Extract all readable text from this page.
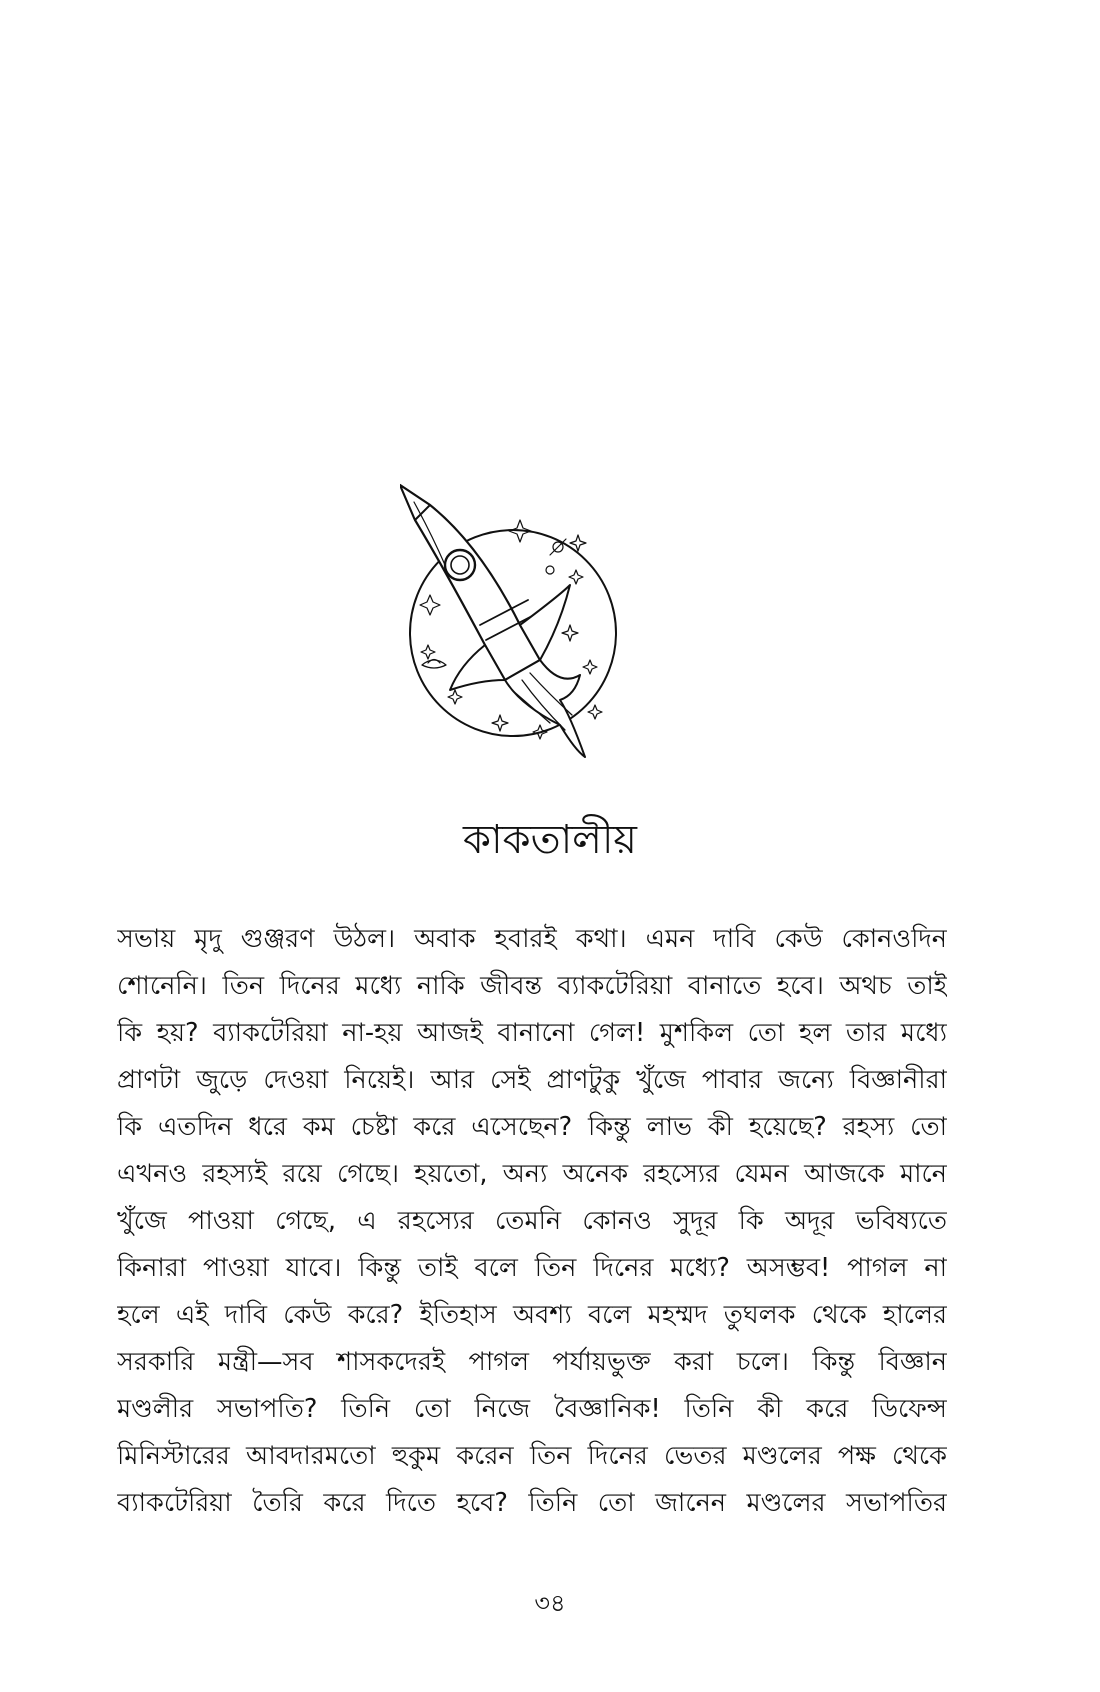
কাকতালীয়
সভায় মৃদু গুঞ্জরণ উঠল। অবাক হবারই কথা। এমন দাবি কেউ কোনওদিন
শোনেনি। তিন দিনের মধ্যে নাকি জীবন্ত ব্যাকটেরিয়া বানাতে হবে। অথচ তাই
কি হয়? ব্যাকটেরিয়া না-হয় আজই বানানো গেল! মুশকিল তো হল তার মধ্যে
প্রাণটা জুড়ে দেওয়া নিয়েই। আর সেই প্রাণটুকু খুঁজে পাবার জন্যে বিজ্ঞানীরা
কি এতদিন ধরে কম চেষ্টা করে এসেছেন? কিন্তু লাভ কী হয়েছে? রহস্য তো
এখনও রহস্যই রয়ে গেছে। হয়তো, অন্য অনেক রহস্যের যেমন আজকে মানে
খুঁজে পাওয়া গেছে, এ রহস্যের তেমনি কোনও সুদূর কি অদূর ভবিষ্যতে
কিনারা পাওয়া যাবে। কিন্তু তাই বলে তিন দিনের মধ্যে? অসম্ভব! পাগল না
হলে এই দাবি কেউ করে? ইতিহাস অবশ্য বলে মহম্মদ তুঘলক থেকে হালের
সরকারি মন্ত্রী—সব শাসকদেরই পাগল পর্যায়ভুক্ত করা চলে। কিন্তু বিজ্ঞান
মণ্ডলীর সভাপতি? তিনি তো নিজে বৈজ্ঞানিক! তিনি কী করে ডিফেন্স
মিনিস্টারের আবদারমতো হুকুম করেন তিন দিনের ভেতর মণ্ডলের পক্ষ থেকে
ব্যাকটেরিয়া তৈরি করে দিতে হবে? তিনি তো জানেন মণ্ডলের সভাপতির
৩৪
